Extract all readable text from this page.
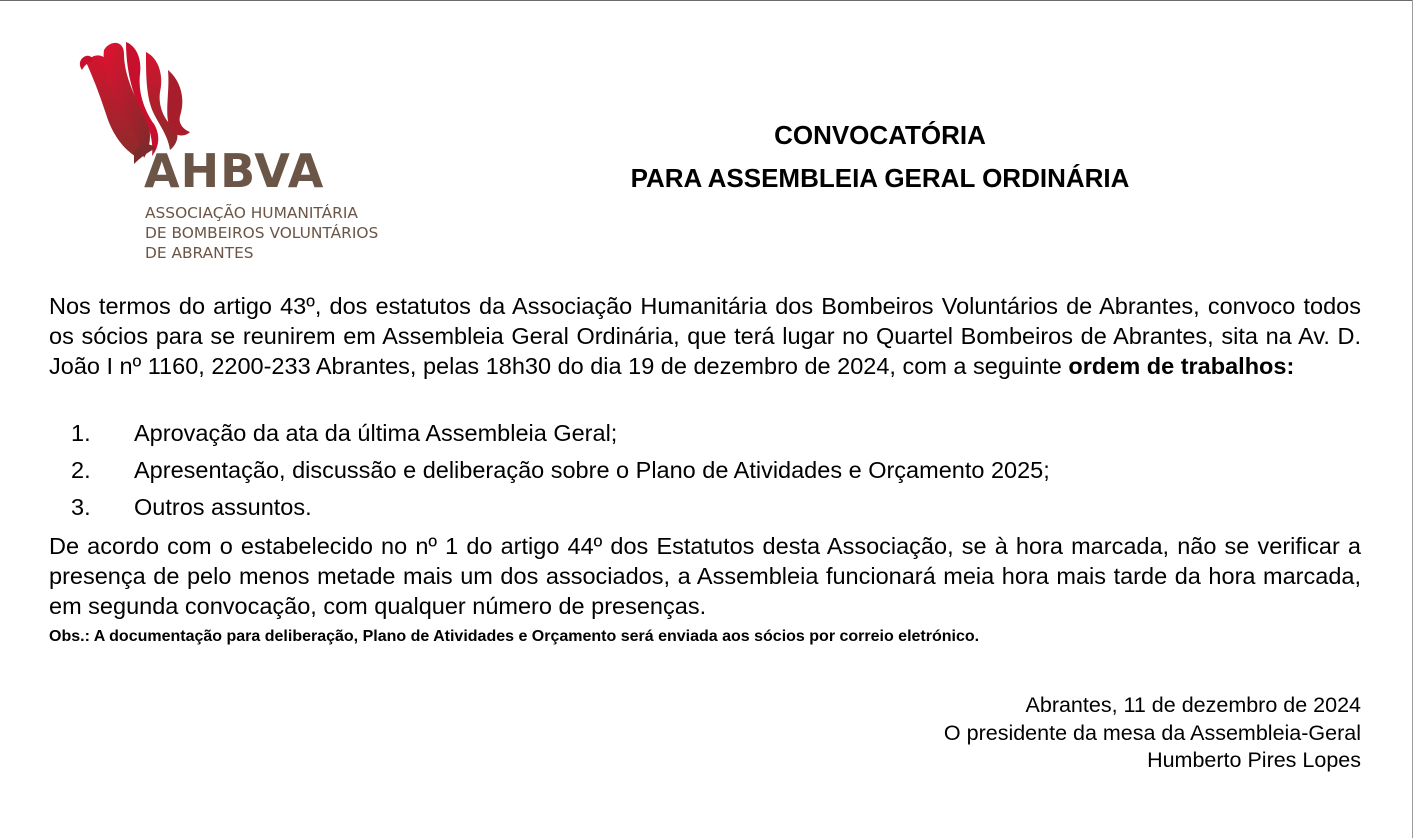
AHBVA
ASSOCIAÇÃO HUMANITÁRIA
DE BOMBEIROS VOLUNTÁRIOS
DE ABRANTES
CONVOCATÓRIA
PARA ASSEMBLEIA GERAL ORDINÁRIA

Nos termos do artigo 43º, dos estatutos da Associação Humanitária dos Bombeiros Voluntários de Abrantes, convoco todos os sócios para se reunirem em Assembleia Geral Ordinária, que terá lugar no Quartel Bombeiros de Abrantes, sita na Av. D. João I nº 1160, 2200-233 Abrantes, pelas 18h30 do dia 19 de dezembro de 2024, com a seguinte ordem de trabalhos:

1. Aprovação da ata da última Assembleia Geral;
2. Apresentação, discussão e deliberação sobre o Plano de Atividades e Orçamento 2025;
3. Outros assuntos.

De acordo com o estabelecido no nº 1 do artigo 44º dos Estatutos desta Associação, se à hora marcada, não se verificar a presença de pelo menos metade mais um dos associados, a Assembleia funcionará meia hora mais tarde da hora marcada, em segunda convocação, com qualquer número de presenças.

Obs.: A documentação para deliberação, Plano de Atividades e Orçamento será enviada aos sócios por correio eletrónico.
Abrantes, 11 de dezembro de 2024
O presidente da mesa da Assembleia-Geral
Humberto Pires Lopes
